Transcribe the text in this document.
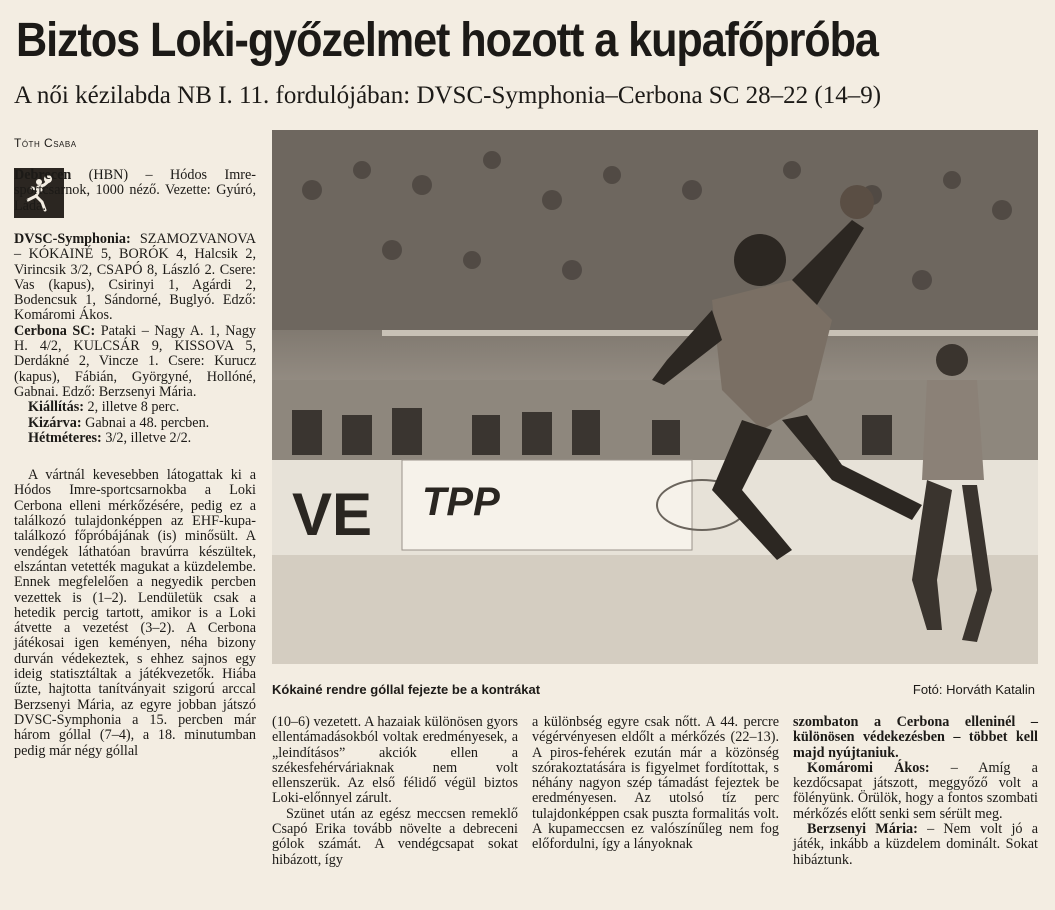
Biztos Loki-győzelmet hozott a kupafőpróba
A női kézilabda NB I. 11. fordulójában: DVSC-Symphonia–Cerbona SC 28–22 (14–9)
Tóth Csaba

Debrecen (HBN) – Hódos Imre-sportcsarnok, 1000 néző. Vezette: Gyúró, Láda.

DVSC-Symphonia: SZAMOZVANOVA – KÓKAINÉ 5, BORÓK 4, Halcsik 2, Virincsik 3/2, CSAPÓ 8, László 2. Csere: Vas (kapus), Csirinyi 1, Agárdi 2, Bodencsuk 1, Sándorné, Buglyó. Edző: Komáromi Ákos.

Cerbona SC: Pataki – Nagy A. 1, Nagy H. 4/2, KULCSÁR 9, KISSOVA 5, Derdákné 2, Vincze 1. Csere: Kurucz (kapus), Fábián, Györgyné, Hollóné, Gabnai. Edző: Berzsenyi Mária.

Kiállítás: 2, illetve 8 perc.

Kizárva: Gabnai a 48. percben.

Hétméteres: 3/2, illetve 2/2.

A vártnál kevesebben látogattak ki a Hódos Imre-sportcsarnokba a Loki Cerbona elleni mérkőzésére, pedig ez a találkozó tulajdonképpen az EHF-kupa-találkozó főpróbájának (is) minősült. A vendégek láthatóan bravúrra készültek, elszántan vetették magukat a küzdelembe. Ennek megfelelően a negyedik percben vezettek is (1–2). Lendületük csak a hetedik percig tartott, amikor is a Loki átvette a vezetést (3–2). A Cerbona játékosai igen keményen, néha bizony durván védekeztek, s ehhez sajnos egy ideig statisztáltak a játékvezetők. Hiába űzte, hajtotta tanítványait szigorú arccal Berzsenyi Mária, az egyre jobban játszó DVSC-Symphonia a 15. percben már három góllal (7–4), a 18. minutumban pedig már négy góllal

VE TPP
Kókainé rendre góllal fejezte be a kontrákat	Fotó: Horváth Katalin

(10–6) vezetett. A hazaiak különösen gyors ellentámadásokból voltak eredményesek, a „leindításos” akciók ellen a székesfehérváriaknak nem volt ellenszerük. Az első félidő végül biztos Loki-előnnyel zárult.

Szünet után az egész meccsen remeklő Csapó Erika tovább növelte a debreceni gólok számát. A vendégcsapat sokat hibázott, így

a különbség egyre csak nőtt. A 44. percre végérvényesen eldőlt a mérkőzés (22–13). A piros-fehérek ezután már a közönség szórakoztatására is figyelmet fordítottak, s néhány nagyon szép támadást fejeztek be eredményesen. Az utolsó tíz perc tulajdonképpen csak puszta formalitás volt. A kupameccsen ez valószínűleg nem fog előfordulni, így a lányoknak

szombaton a Cerbona elleninél – különösen védekezésben – többet kell majd nyújtaniuk.

Komáromi Ákos: – Amíg a kezdőcsapat játszott, meggyőző volt a fölényünk. Örülök, hogy a fontos szombati mérkőzés előtt senki sem sérült meg.

Berzsenyi Mária: – Nem volt jó a játék, inkább a küzdelem dominált. Sokat hibáztunk.
